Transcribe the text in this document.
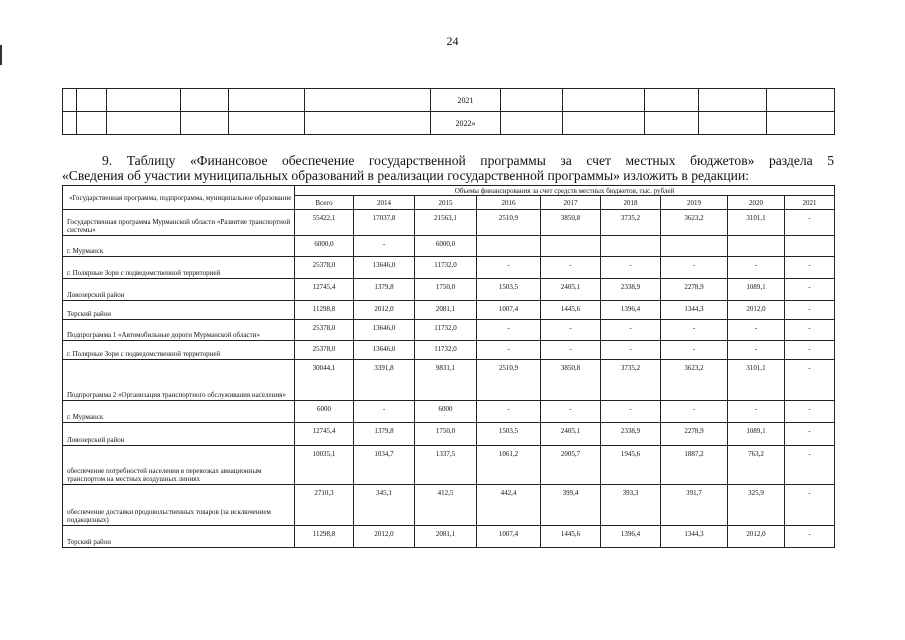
24
						2021					
						2022»					
9. Таблицу «Финансовое обеспечение государственной программы за счет местных бюджетов» раздела 5
«Сведения об участии муниципальных образований в реализации государственной программы» изложить в редакции:
«Государственная программа, подпрограмма, муниципальное образование	Объемы финансирования за счет средств местных бюджетов, тыс. рублей								
	Всего	2014	2015	2016	2017	2018	2019	2020	2021
Государственная программа Мурманской области «Развитие транспортной системы»	55422,1	17037,8	21563,1	2510,9	3850,8	3735,2	3623,2	3101,1	-
г. Мурманск	6000,0	-	6000,0						
г. Полярные Зори с подведомственной территорией	25378,0	13646,0	11732,0	-	-	-	-	-	-
Ловозерский район	12745,4	1379,8	1750,0	1503,5	2405,1	2338,9	2278,9	1089,1	-
Терский район	11298,8	2012,0	2081,1	1007,4	1445,6	1396,4	1344,3	2012,0	-
Подпрограмма 1 «Автомобильные дороги Мурманской области»	25378,0	13646,0	11732,0	-	-	-	-	-	-
г. Полярные Зори с подведомственной территорией	25378,0	13646,0	11732,0	-	-	-	-	-	-
Подпрограмма 2 «Организация транспортного обслуживания населения»	30044,1	3391,8	9831,1	2510,9	3850,8	3735,2	3623,2	3101,1	-
г. Мурманск	6000	-	6000	-	-	-	-	-	-
Ловозерский район	12745,4	1379,8	1750,0	1503,5	2405,1	2338,9	2278,9	1089,1	-
обеспечение потребностей населения в перевозках авиационным транспортом на местных воздушных линиях	10035,1	1034,7	1337,5	1061,2	2005,7	1945,6	1887,2	763,2	-
обеспечение доставки продовольственных товаров (за исключением подакцизных)	2710,3	345,1	412,5	442,4	399,4	393,3	391,7	325,9	-
Терский район	11298,8	2012,0	2081,1	1007,4	1445,6	1396,4	1344,3	2012,0	-
